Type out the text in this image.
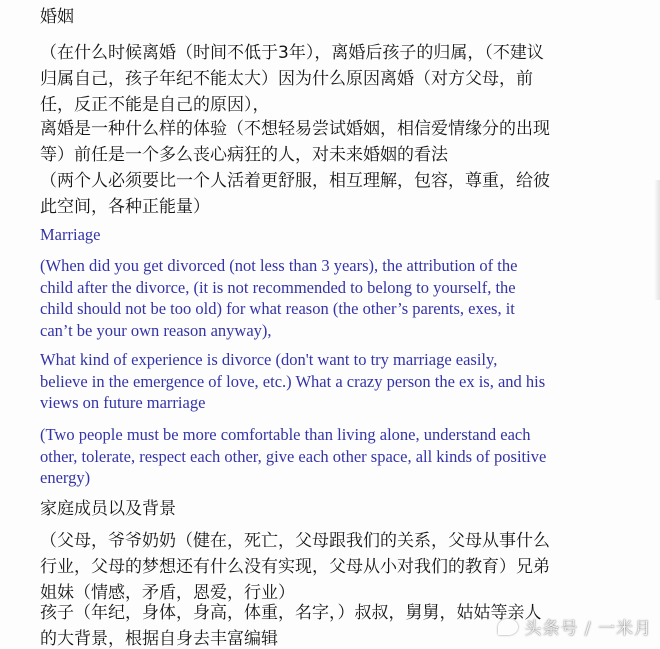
婚姻

（在什么时候离婚（时间不低于3年），离婚后孩子的归属，（不建议
归属自己，孩子年纪不能太大）因为什么原因离婚（对方父母，前
任，反正不能是自己的原因），

离婚是一种什么样的体验（不想轻易尝试婚姻，相信爱情缘分的出现
等）前任是一个多么丧心病狂的人，对未来婚姻的看法

（两个人必须要比一个人活着更舒服，相互理解，包容，尊重，给彼
此空间，各种正能量）

Marriage

(When did you get divorced (not less than 3 years), the attribution of the
child after the divorce, (it is not recommended to belong to yourself, the
child should not be too old) for what reason (the other’s parents, exes, it
can’t be your own reason anyway),

What kind of experience is divorce (don't want to try marriage easily,
believe in the emergence of love, etc.) What a crazy person the ex is, and his
views on future marriage

(Two people must be more comfortable than living alone, understand each
other, tolerate, respect each other, give each other space, all kinds of positive
energy)

家庭成员以及背景

（父母，爷爷奶奶（健在，死亡，父母跟我们的关系，父母从事什么
行业，父母的梦想还有什么没有实现，父母从小对我们的教育）兄弟
姐妹（情感，矛盾，恩爱，行业）

孩子（年纪，身体，身高，体重，名字，）叔叔，舅舅，姑姑等亲人
的大背景，根据自身去丰富编辑	头条号 / 一米月
